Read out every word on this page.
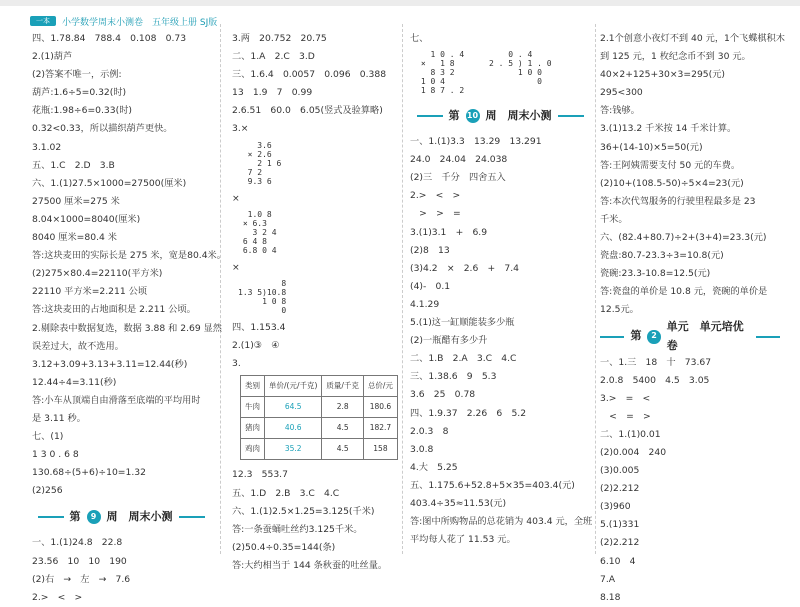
一本	小学数学周末小测卷　五年级上册 SJ版
四、1.78.84　788.4　0.108　0.73
2.(1)葫芦
(2)答案不唯一，示例:
葫芦:1.6÷5=0.32(时)
花瓶:1.98÷6=0.33(时)
0.32<0.33，所以描织葫芦更快。
3.1.02
五、1.C　2.D　3.B
六、1.(1)27.5×1000=27500(厘米)
27500 厘米=275 米
8.04×1000=8040(厘米)
8040 厘米=80.4 米
答:这块麦田的实际长是 275 米，宽是80.4米。
(2)275×80.4=22110(平方米)
22110 平方米=2.211 公顷
答:这块麦田的占地面积是 2.211 公顷。
2.剔除表中数据复选，数据 3.88 和 2.69 显然
误差过大，故不选用。
3.12+3.09+3.13+3.11=12.44(秒)
12.44÷4=3.11(秒)
答:小车从顶端自由滑落至底端的平均用时
是 3.11 秒。
七、(1)
1 3 0 . 6 8
130.68÷(5+6)÷10=1.32
(2)256
第	9 周　周末小测
一、1.(1)24.8　22.8
23.56　10　10　190
(2)右　→　左　→　7.6
2.>　<　>
3.两　20.752　20.75
二、1.A　2.C　3.D
三、1.6.4　0.0057　0.096　0.388
13　1.9　7　0.99
2.6.51　60.0　6.05(竖式及验算略)
3.×
3.6
× 2.6
2 1 6
7 2
9.3 6
×
1.0 8
× 6.3
3 2 4
6 4 8
6.8 0 4
×
8
1.3 5)10.8
1 0 8
0
四、1.153.4
2.(1)③　④
3.
类别	单价/(元/千克)	质量/千克	总价/元
牛肉	64.5	2.8	180.6
猪肉	40.6	4.5	182.7
鸡肉	35.2	4.5	158
12.3　553.7
五、1.D　2.B　3.C　4.C
六、1.(1)2.5×1.25=3.125(千米)
答:一条蚕蛹吐丝约3.125千米。
(2)50.4÷0.35=144(条)
答:大约相当于 144 条秋蚕的吐丝量。
七、
1 0 . 4
×   1 8
8 3 2
1 0 4
1 8 7 . 2
0 . 4
2 . 5 ) 1 . 0
1 0 0
0
第 10 周　周末小测
一、1.(1)3.3　13.29　13.291
24.0　24.04　24.038
(2)三　千分　四舍五入
2.>　<　>
　>　>　=
3.(1)3.1　+　6.9
(2)8　13
(3)4.2　×　2.6　+　7.4
(4)-　0.1
4.1.29
5.(1)这一缸顺能装多少瓶
(2)一瓶醋有多少升
二、1.B　2.A　3.C　4.C
三、1.38.6　9　5.3
3.6　25　0.78
四、1.9.37　2.26　6　5.2
2.0.3　8
3.0.8
4.大　5.25
五、1.175.6+52.8+5×35=403.4(元)
403.4÷35≈11.53(元)
答:图中所购物品的总花销为 403.4 元，全班
平均每人花了 11.53 元。
2.1个创意小夜灯不到 40 元，1个飞蝶棋积木
到 125 元，1 枚纪念币不到 30 元。
40×2+125+30×3=295(元)
295<300
答:钱够。
3.(1)13.2 千米按 14 千米计算。
36+(14-10)×5=50(元)
答:王阿姨需要支付 50 元的车费。
(2)10+(108.5-50)÷5×4=23(元)
答:本次代驾服务的行驶里程最多是 23
千米。
六、(82.4+80.7)÷2+(3+4)=23.3(元)
瓷盘:80.7-23.3÷3=10.8(元)
瓷碗:23.3-10.8=12.5(元)
答:瓷盘的单价是 10.8 元，瓷碗的单价是
12.5元。
第	2
单元　单元培优卷
一、1.三　18　十　73.67
2.0.8　5400　4.5　3.05
3.>　=　<
　<　=　>
二、1.(1)0.01
(2)0.004　240
(3)0.005
(2)2.212
(3)960
5.(1)331
(2)2.212
6.10　4
7.A
8.18
